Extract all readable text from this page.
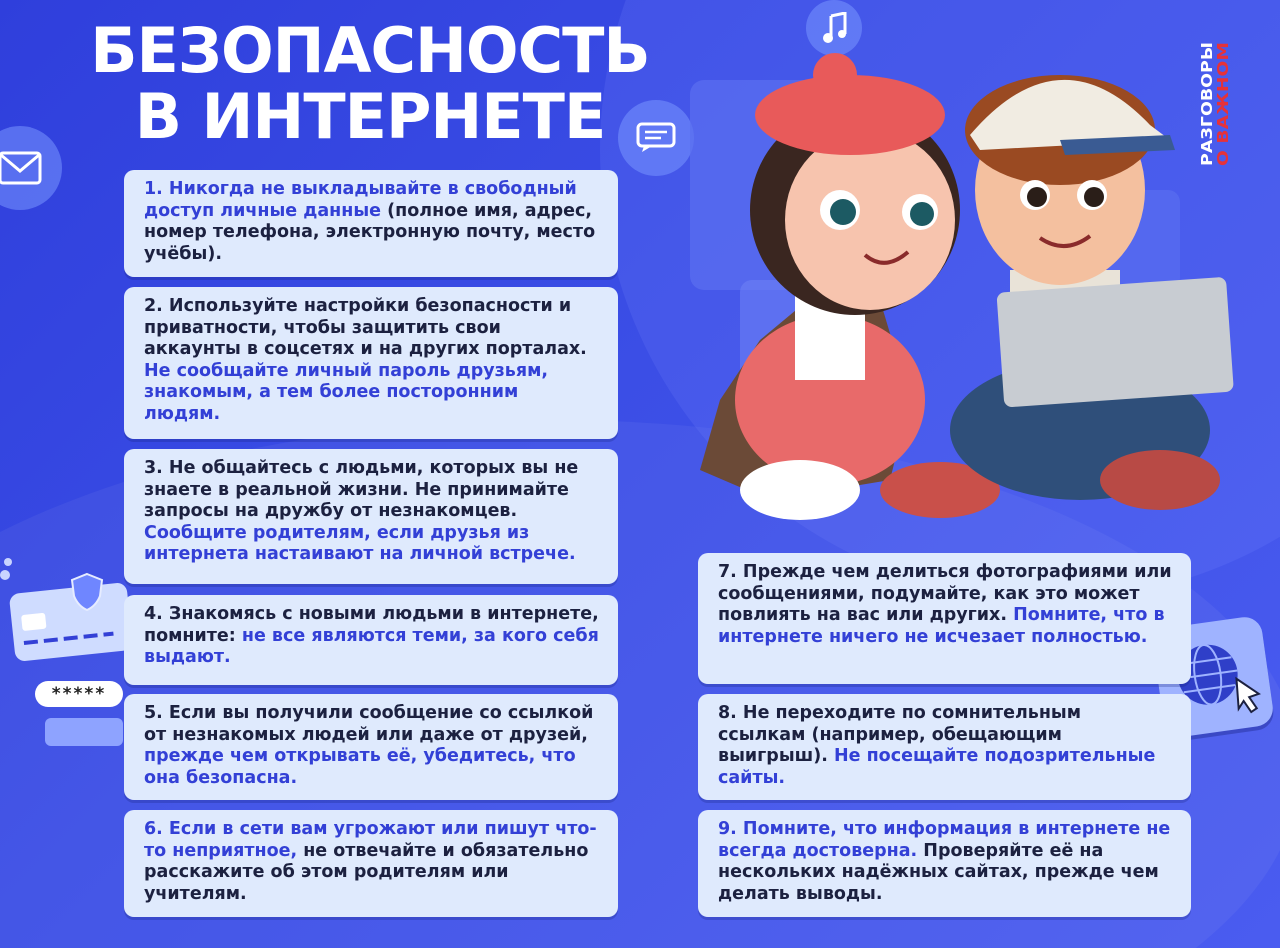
БЕЗОПАСНОСТЬ
В ИНТЕРНЕТЕ
*****
РАЗГОВОРЫ
О ВАЖНОМ
1. Никогда не выкладывайте в свободный доступ личные данные (полное имя, адрес, номер телефона, электронную почту, место учёбы).
2. Используйте настройки безопасности и приватности, чтобы защитить свои аккаунты в соцсетях и на других порталах. Не сообщайте личный пароль друзьям, знакомым, а тем более посторонним людям.
3. Не общайтесь с людьми, которых вы не знаете в реальной жизни. Не принимайте запросы на дружбу от незнакомцев. Сообщите родителям, если друзья из интернета настаивают на личной встрече.
4. Знакомясь с новыми людьми в интернете, помните: не все являются теми, за кого себя выдают.
5. Если вы получили сообщение со ссылкой от незнакомых людей или даже от друзей, прежде чем открывать её, убедитесь, что она безопасна.
6. Если в сети вам угрожают или пишут что-то неприятное, не отвечайте и обязательно расскажите об этом родителям или учителям.
7. Прежде чем делиться фотографиями или сообщениями, подумайте, как это может повлиять на вас или других. Помните, что в интернете ничего не исчезает полностью.
8. Не переходите по сомнительным ссылкам (например, обещающим выигрыш). Не посещайте подозрительные сайты.
9. Помните, что информация в интернете не всегда достоверна. Проверяйте её на нескольких надёжных сайтах, прежде чем делать выводы.
